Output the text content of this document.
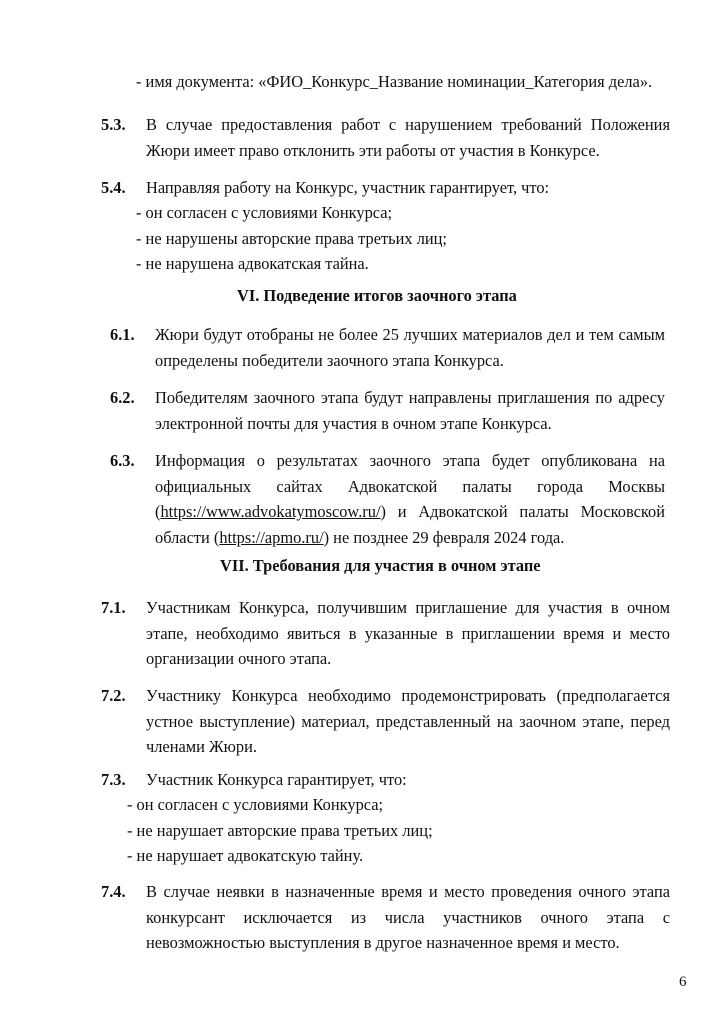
- имя документа: «ФИО_Конкурс_Название номинации_Категория дела».
5.3. В случае предоставления работ с нарушением требований Положения Жюри имеет право отклонить эти работы от участия в Конкурсе.
5.4. Направляя работу на Конкурс, участник гарантирует, что:
- он согласен с условиями Конкурса;
- не нарушены авторские права третьих лиц;
- не нарушена адвокатская тайна.
VI. Подведение итогов заочного этапа
6.1. Жюри будут отобраны не более 25 лучших материалов дел и тем самым определены победители заочного этапа Конкурса.
6.2. Победителям заочного этапа будут направлены приглашения по адресу электронной почты для участия в очном этапе Конкурса.
6.3. Информация о результатах заочного этапа будет опубликована на официальных сайтах Адвокатской палаты города Москвы (https://www.advokatymoscow.ru/) и Адвокатской палаты Московской области (https://apmo.ru/) не позднее 29 февраля 2024 года.
VII. Требования для участия в очном этапе
7.1. Участникам Конкурса, получившим приглашение для участия в очном этапе, необходимо явиться в указанные в приглашении время и место организации очного этапа.
7.2. Участнику Конкурса необходимо продемонстрировать (предполагается устное выступление) материал, представленный на заочном этапе, перед членами Жюри.
7.3. Участник Конкурса гарантирует, что:
- он согласен с условиями Конкурса;
- не нарушает авторские права третьих лиц;
- не нарушает адвокатскую тайну.
7.4. В случае неявки в назначенные время и место проведения очного этапа конкурсант исключается из числа участников очного этапа с невозможностью выступления в другое назначенное время и место.
6
